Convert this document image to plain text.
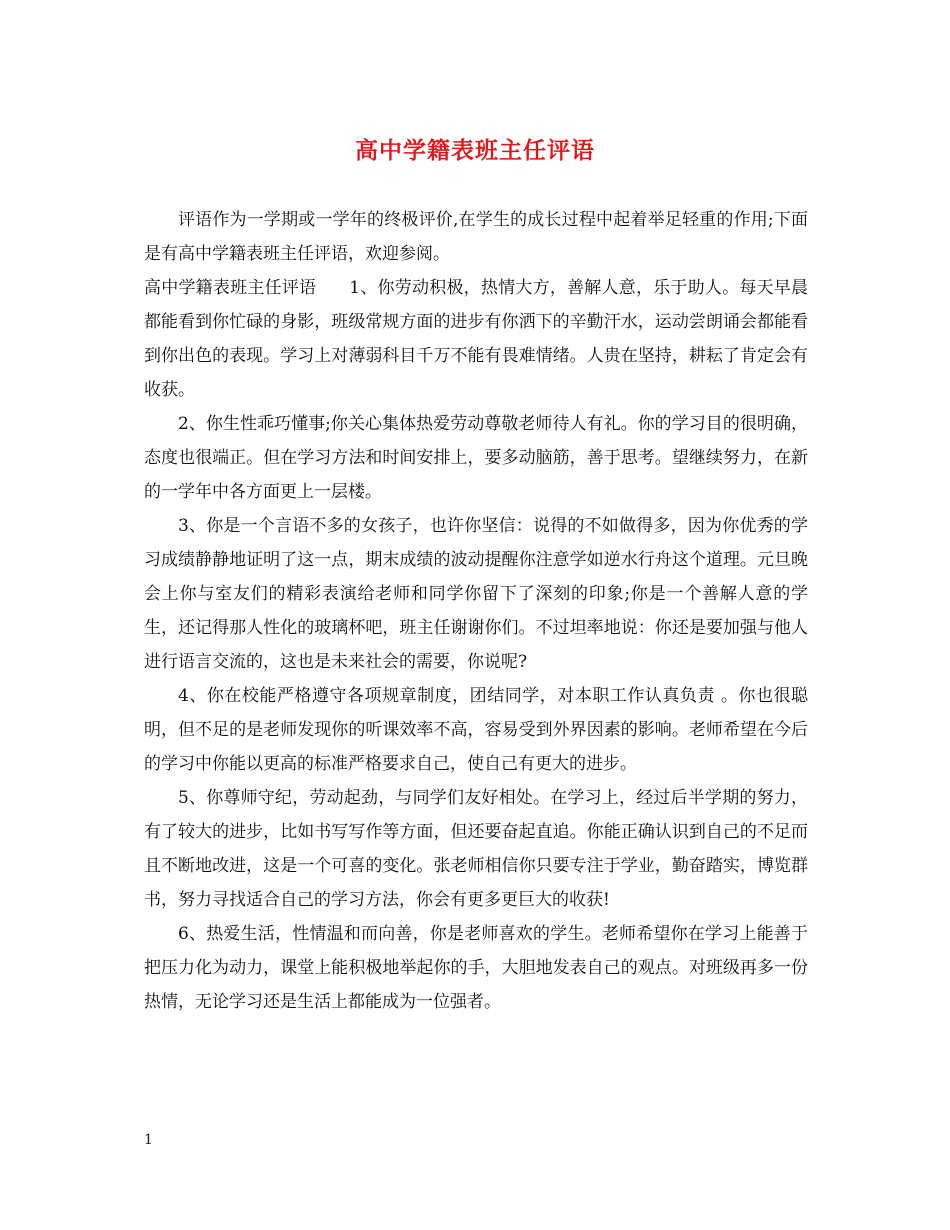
高中学籍表班主任评语

评语作为一学期或一学年的终极评价,在学生的成长过程中起着举足轻重的作用;下面是有高中学籍表班主任评语，欢迎参阅。

高中学籍表班主任评语 1、你劳动积极，热情大方，善解人意，乐于助人。每天早晨都能看到你忙碌的身影，班级常规方面的进步有你洒下的辛勤汗水，运动尝朗诵会都能看到你出色的表现。学习上对薄弱科目千万不能有畏难情绪。人贵在坚持，耕耘了肯定会有收获。

2、你生性乖巧懂事;你关心集体热爱劳动尊敬老师待人有礼。你的学习目的很明确，态度也很端正。但在学习方法和时间安排上，要多动脑筋，善于思考。望继续努力，在新的一学年中各方面更上一层楼。

3、你是一个言语不多的女孩子，也许你坚信：说得的不如做得多，因为你优秀的学习成绩静静地证明了这一点，期末成绩的波动提醒你注意学如逆水行舟这个道理。元旦晚会上你与室友们的精彩表演给老师和同学你留下了深刻的印象;你是一个善解人意的学生，还记得那人性化的玻璃杯吧，班主任谢谢你们。不过坦率地说：你还是要加强与他人进行语言交流的，这也是未来社会的需要，你说呢?

4、你在校能严格遵守各项规章制度，团结同学，对本职工作认真负责 。你也很聪明，但不足的是老师发现你的听课效率不高，容易受到外界因素的影响。老师希望在今后的学习中你能以更高的标准严格要求自己，使自己有更大的进步。

5、你尊师守纪，劳动起劲，与同学们友好相处。在学习上，经过后半学期的努力，有了较大的进步，比如书写写作等方面，但还要奋起直追。你能正确认识到自己的不足而且不断地改进，这是一个可喜的变化。张老师相信你只要专注于学业，勤奋踏实，博览群书，努力寻找适合自己的学习方法，你会有更多更巨大的收获!

6、热爱生活，性情温和而向善，你是老师喜欢的学生。老师希望你在学习上能善于把压力化为动力，课堂上能积极地举起你的手，大胆地发表自己的观点。对班级再多一份热情，无论学习还是生活上都能成为一位强者。

1
